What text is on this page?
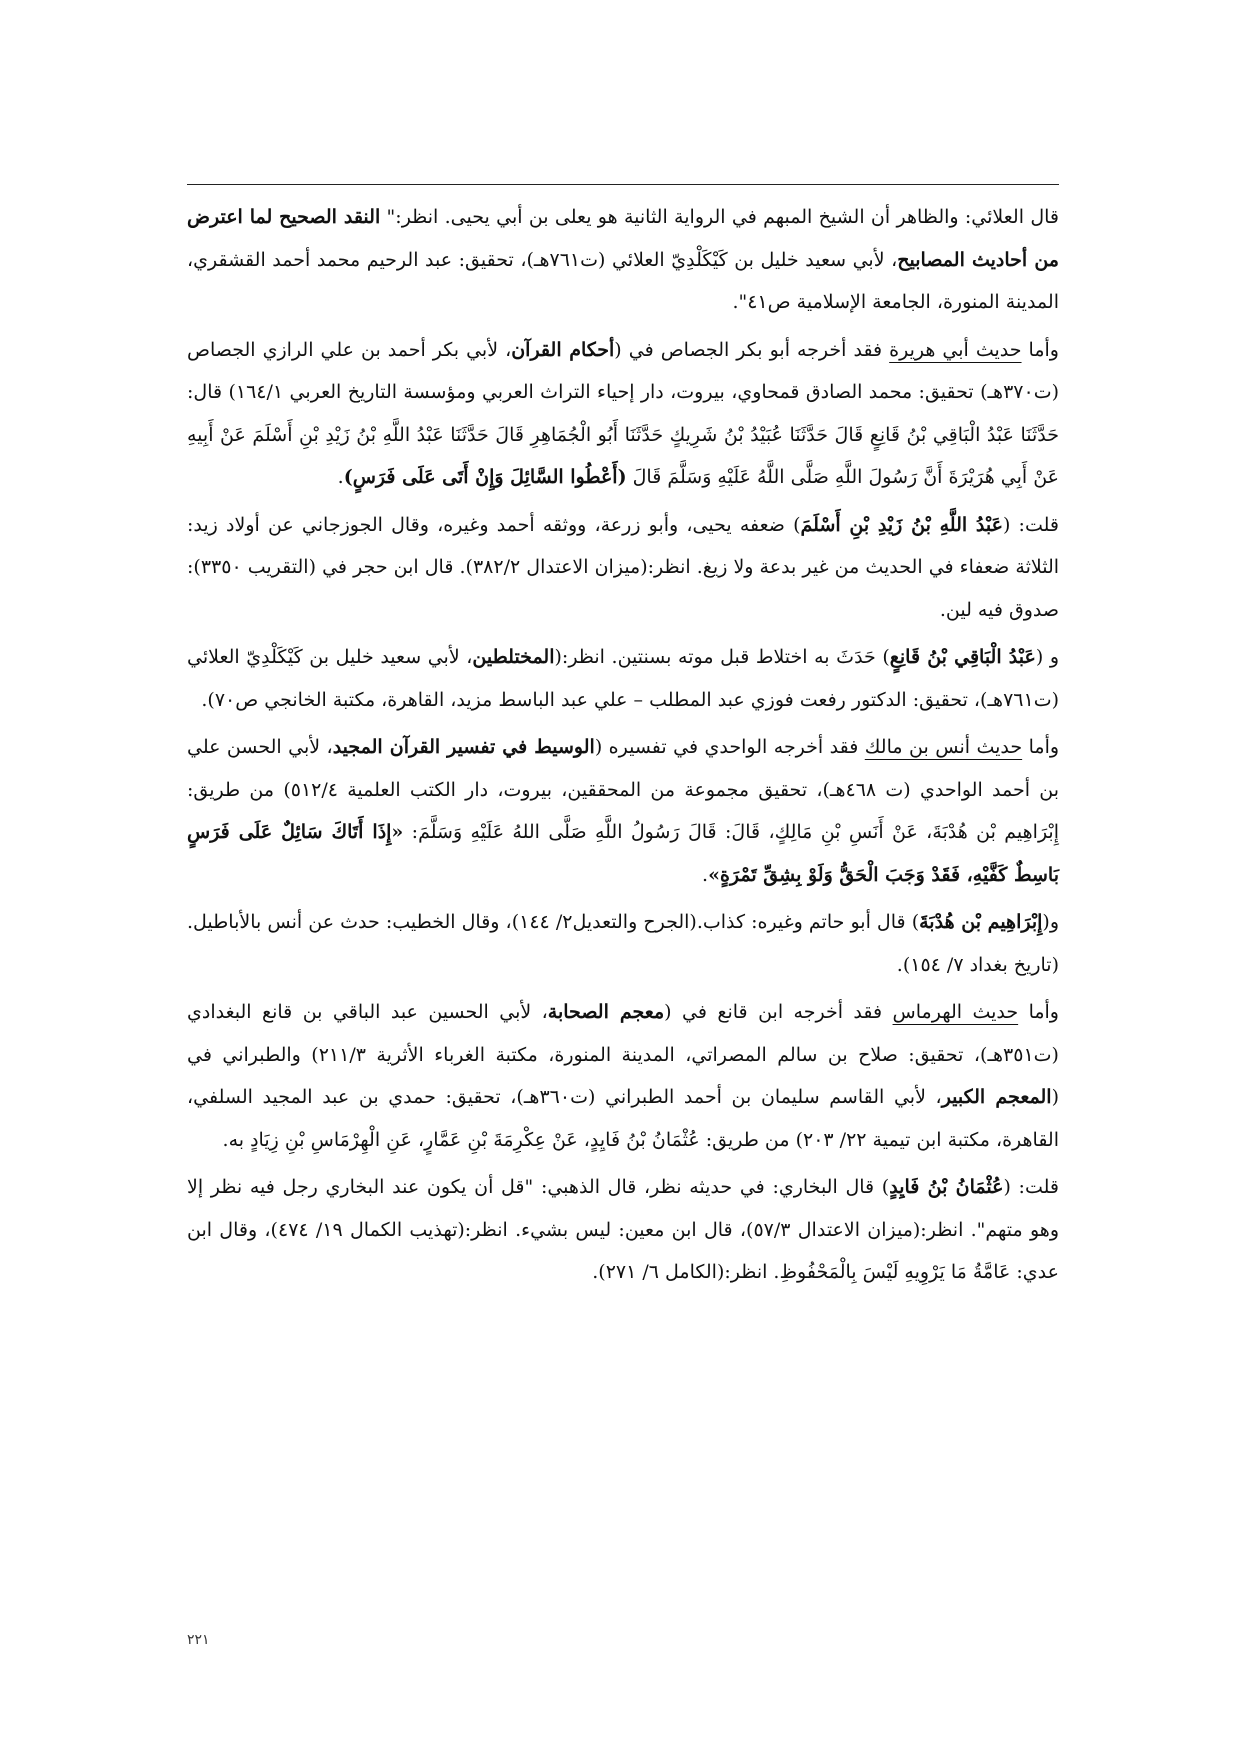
قال العلائي: والظاهر أن الشيخ المبهم في الرواية الثانية هو يعلى بن أبي يحيى. انظر:" النقد الصحيح لما اعترض من أحاديث المصابيح، لأبي سعيد خليل بن كَيْكَلْدِيّ العلائي (ت٧٦١هـ)، تحقيق: عبد الرحيم محمد أحمد القشقري، المدينة المنورة، الجامعة الإسلامية ص٤١".

وأما حديث أبي هريرة فقد أخرجه أبو بكر الجصاص في (أحكام القرآن، لأبي بكر أحمد بن علي الرازي الجصاص (ت٣٧٠هـ) تحقيق: محمد الصادق قمحاوي، بيروت، دار إحياء التراث العربي ومؤسسة التاريخ العربي ١٦٤/١) قال: حَدَّثَنَا عَبْدُ الْبَاقِي بْنُ قَانِعٍ قَالَ حَدَّثَنَا عُبَيْدُ بْنُ شَرِيكٍ حَدَّثَنَا أَبُو الْجُمَاهِرِ قَالَ حَدَّثَنَا عَبْدُ اللَّهِ بْنُ زَيْدِ بْنِ أَسْلَمَ عَنْ أَبِيهِ عَنْ أَبِي هُرَيْرَةَ أَنَّ رَسُولَ اللَّهِ صَلَّى اللَّهُ عَلَيْهِ وَسَلَّمَ قَالَ (أَعْطُوا السَّائِلَ وَإِنْ أَتَى عَلَى فَرَسٍ).

قلت: (عَبْدُ اللَّهِ بْنُ زَيْدِ بْنِ أَسْلَمَ) ضعفه يحيى، وأبو زرعة، ووثقه أحمد وغيره، وقال الجوزجاني عن أولاد زيد: الثلاثة ضعفاء في الحديث من غير بدعة ولا زيغ. انظر:(ميزان الاعتدال ٣٨٢/٢). قال ابن حجر في (التقريب ٣٣٥٠): صدوق فيه لين.

و (عَبْدُ الْبَاقِي بْنُ قَانِعٍ) حَدَثَ به اختلاط قبل موته بسنتين. انظر:(المختلطين، لأبي سعيد خليل بن كَيْكَلْدِيّ العلائي (ت٧٦١هـ)، تحقيق: الدكتور رفعت فوزي عبد المطلب – علي عبد الباسط مزيد، القاهرة، مكتبة الخانجي ص٧٠).

وأما حديث أنس بن مالك فقد أخرجه الواحدي في تفسيره (الوسيط في تفسير القرآن المجيد، لأبي الحسن علي بن أحمد الواحدي (ت ٤٦٨هـ)، تحقيق مجموعة من المحققين، بيروت، دار الكتب العلمية ٥١٢/٤) من طريق: إِبْرَاهِيم بْن هُدْبَةَ، عَنْ أَنَسِ بْنِ مَالِكٍ، قَالَ: قَالَ رَسُولُ اللَّهِ صَلَّى اللهُ عَلَيْهِ وَسَلَّمَ: «إِذَا أَتَاكَ سَائِلٌ عَلَى فَرَسٍ بَاسِطٌ كَفَّيْهِ، فَقَدْ وَجَبَ الْحَقُّ وَلَوْ بِشِقِّ تَمْرَةٍ».

و(إِبْرَاهِيم بْن هُدْبَةَ) قال أبو حاتم وغيره: كذاب.(الجرح والتعديل٢/ ١٤٤)، وقال الخطيب: حدث عن أنس بالأباطيل. (تاريخ بغداد ٧/ ١٥٤).

وأما حديث الهرماس فقد أخرجه ابن قانع في (معجم الصحابة، لأبي الحسين عبد الباقي بن قانع البغدادي (ت٣٥١هـ)، تحقيق: صلاح بن سالم المصراتي، المدينة المنورة، مكتبة الغرباء الأثرية ٢١١/٣) والطبراني في (المعجم الكبير، لأبي القاسم سليمان بن أحمد الطبراني (ت٣٦٠هـ)، تحقيق: حمدي بن عبد المجيد السلفي، القاهرة، مكتبة ابن تيمية ٢٢/ ٢٠٣) من طريق: عُثْمَانُ بْنُ فَايِدٍ، عَنْ عِكْرِمَةَ بْنِ عَمَّارٍ، عَنِ الْهِرْمَاسِ بْنِ زِيَادٍ به.

قلت: (عُثْمَانُ بْنُ فَايِدٍ) قال البخاري: في حديثه نظر، قال الذهبي: "قل أن يكون عند البخاري رجل فيه نظر إلا وهو متهم". انظر:(ميزان الاعتدال ٥٧/٣)، قال ابن معين: ليس بشيء. انظر:(تهذيب الكمال ١٩/ ٤٧٤)، وقال ابن عدي: عَامَّةُ مَا يَرْوِيهِ لَيْسَ بِالْمَحْفُوظِ. انظر:(الكامل ٦/ ٢٧١).

٢٢١
